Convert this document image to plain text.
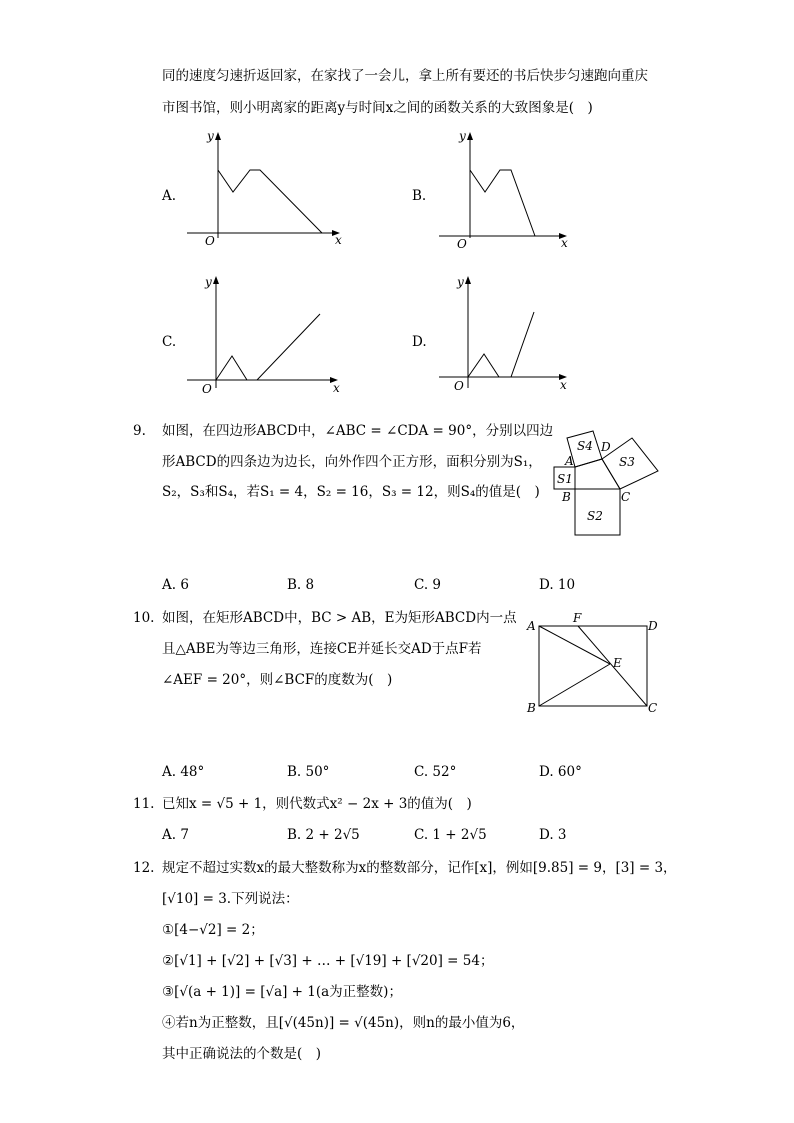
同的速度匀速折返回家，在家找了一会儿，拿上所有要还的书后快步匀速跑向重庆
市图书馆，则小明离家的距离y与时间x之间的函数关系的大致图象是(　)
A.
y
x
O
B.
y
x
O
C.
y
x
O
D.
y
x
O
9. 如图，在四边形ABCD中，∠ABC = ∠CDA = 90°，分别以四边
形ABCD的四条边为边长，向外作四个正方形，面积分别为S₁，
S₂，S₃和S₄，若S₁ = 4，S₂ = 16，S₃ = 12，则S₄的值是(　)
A
B	C
D
S1
S2
S3
S4
A. 6	B. 8	C. 9	D. 10
10. 如图，在矩形ABCD中，BC > AB，E为矩形ABCD内一点
且△ABE为等边三角形，连接CE并延长交AD于点F若
∠AEF = 20°，则∠BCF的度数为(　)
A
B	C
D
E
F
A. 48°	B. 50°	C. 52°	D. 60°
11. 已知x = √5 + 1，则代数式x² − 2x + 3的值为(　)
A. 7	B. 2 + 2√5	C. 1 + 2√5	D. 3
12. 规定不超过实数x的最大整数称为x的整数部分，记作[x]，例如[9.85] = 9，[3] = 3，
[√10] = 3.下列说法：
①[4−√2] = 2；
②[√1] + [√2] + [√3] + … + [√19] + [√20] = 54；
③[√(a + 1)] = [√a] + 1(a为正整数)；
④若n为正整数，且[√(45n)] = √(45n)，则n的最小值为6，
其中正确说法的个数是(　)
